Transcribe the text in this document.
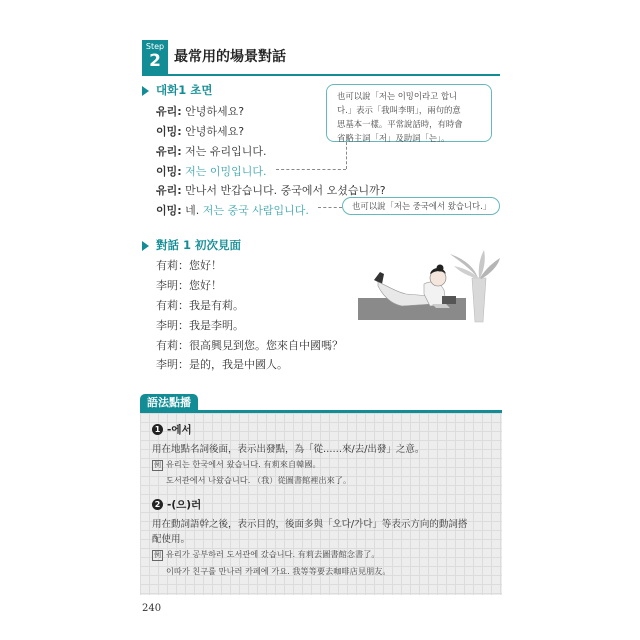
Step
2 最常用的場景對話
대화1 초면
유리: 안녕하세요?
이밍: 안녕하세요?
유리: 저는 유리입니다.
이밍: 저는 이밍입니다.
유리: 만나서 반갑습니다. 중국에서 오셨습니까?
이밍: 네. 저는 중국 사람입니다.
也可以說「저는 이밍이라고 합니
다.」表示「我叫李明」，兩句的意
思基本一樣。平常說話時，有時會
省略主詞「저」及助詞「는」。
也可以說「저는 중국에서 왔습니다.」
對話 1 初次見面
有莉：您好！
李明：您好！
有莉：我是有莉。
李明：我是李明。
有莉：很高興見到您。您來自中國嗎？
李明：是的，我是中國人。
語法點播
1 -에서
用在地點名詞後面，表示出發點，為「從……來/去/出發」之意。
例 유리는 한국에서 왔습니다. 有莉來自韓國。
도서관에서 나왔습니다. （我）從圖書館裡出來了。
2 -(으)러
用在動詞語幹之後，表示目的，後面多與「오다/가다」等表示方向的動詞搭
配使用。
例 유리가 공부하러 도서관에 갔습니다. 有莉去圖書館念書了。
이따가 친구를 만나러 카페에 가요. 我等等要去咖啡店見朋友。
240
